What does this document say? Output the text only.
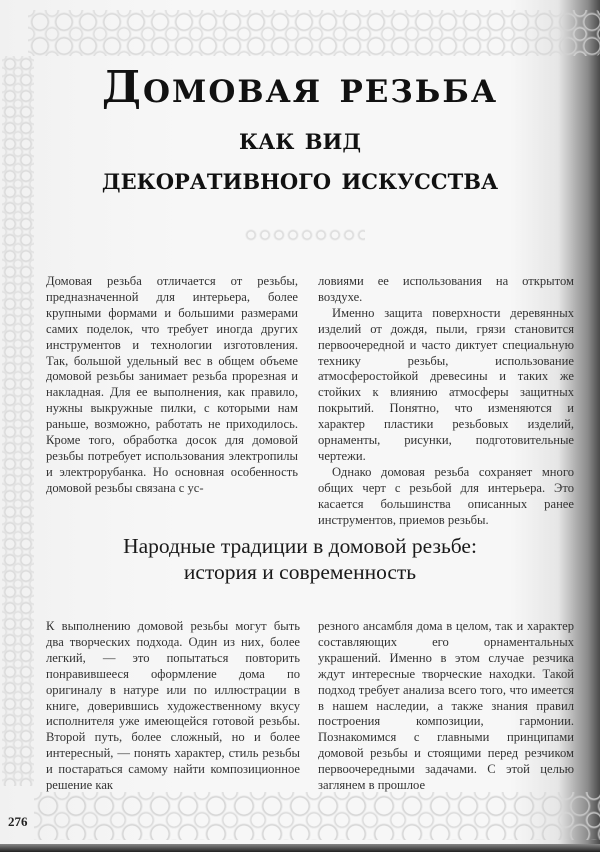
Домовая резьба
как вид
декоративного искусства

Домовая резьба отличается от резьбы, предназначенной для интерьера, более крупными формами и большими размерами самих поделок, что требует иногда других инструментов и технологии изготовления. Так, большой удельный вес в общем объеме домовой резьбы занимает резьба прорезная и накладная. Для ее выполнения, как правило, нужны выкружные пилки, с которыми нам раньше, возможно, работать не приходилось. Кроме того, обработка досок для домовой резьбы потребует использования электропилы и электрорубанка. Но основная особенность домовой резьбы связана с ус-

ловиями ее использования на открытом воздухе.

Именно защита поверхности деревянных изделий от дождя, пыли, грязи становится первоочередной и часто диктует специальную технику резьбы, использование атмосферостойкой древесины и таких же стойких к влиянию атмосферы защитных покрытий. Понятно, что изменяются и характер пластики резьбовых изделий, орнаменты, рисунки, подготовительные чертежи.

Однако домовая резьба сохраняет много общих черт с резьбой для интерьера. Это касается большинства описанных ранее инструментов, приемов резьбы.

Народные традиции в домовой резьбе:
история и современность

К выполнению домовой резьбы могут быть два творческих подхода. Один из них, более легкий, — это попытаться повторить понравившееся оформление дома по оригиналу в натуре или по иллюстрации в книге, доверившись художественному вкусу исполнителя уже имеющейся готовой резьбы. Второй путь, более сложный, но и более интересный, — понять характер, стиль резьбы и постараться самому найти композиционное решение как

резного ансамбля дома в целом, так и характер составляющих его орнаментальных украшений. Именно в этом случае резчика ждут интересные творческие находки. Такой подход требует анализа всего того, что имеется в нашем наследии, а также знания правил построения композиции, гармонии. Познакомимся с главными принципами домовой резьбы и стоящими перед резчиком первоочередными задачами. С этой целью заглянем в прошлое

276
